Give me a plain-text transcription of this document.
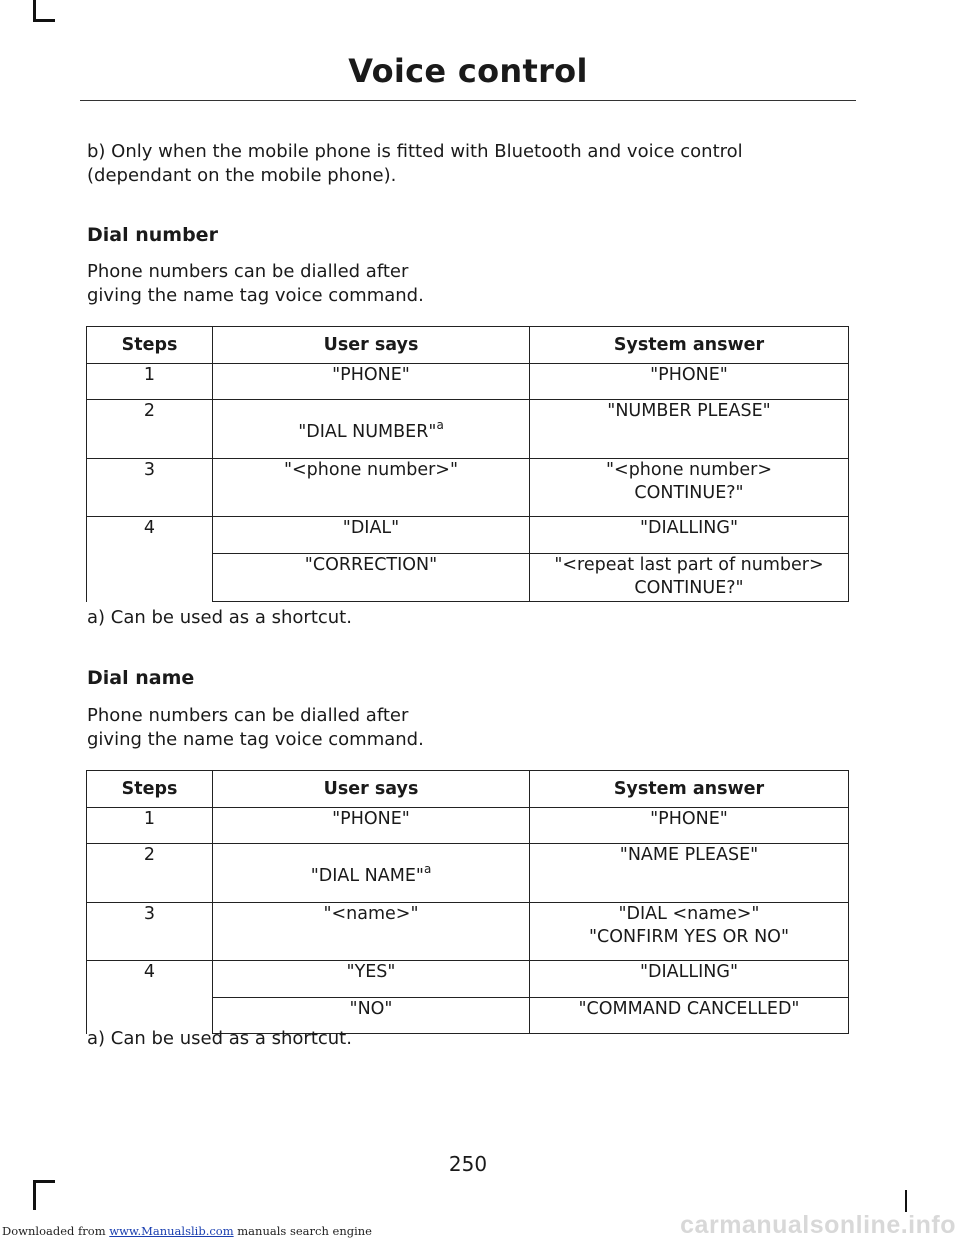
Voice control

b) Only when the mobile phone is fitted with Bluetooth and voice control (dependant on the mobile phone).

Dial number

Phone numbers can be dialled after

giving the name tag voice command.

Steps	User says	System answer
1	"PHONE"	"PHONE"
2	"DIAL NUMBER"$^a$	"NUMBER PLEASE"
3	"<phone number>"	"<phone number>
CONTINUE?"

4	"DIAL"	"DIALLING"
	"CORRECTION"	"<repeat last part of number>
CONTINUE?"

a) Can be used as a shortcut.

Dial name

Phone numbers can be dialled after

giving the name tag voice command.

Steps	User says	System answer
1	"PHONE"	"PHONE"
2	"DIAL NAME"$^a$	"NAME PLEASE"
3	"<name>"	"DIAL <name>"
"CONFIRM YES OR NO"

4	"YES"	"DIALLING"
	"NO"	"COMMAND CANCELLED"

a) Can be used as a shortcut.

250
Downloaded from www.Manualslib.com manuals search engine	carmanualsonline.info
